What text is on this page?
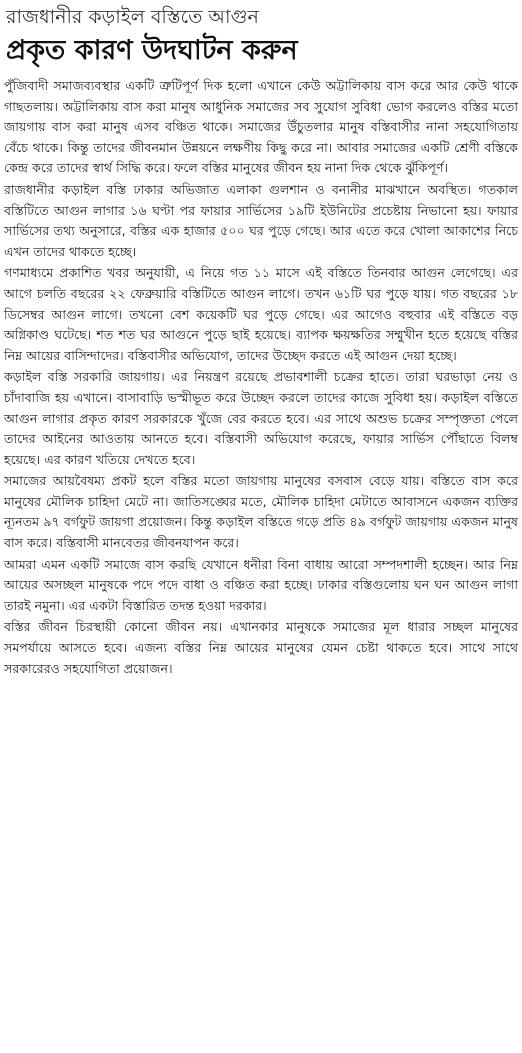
রাজধানীর কড়াইল বস্তিতে আগুন
প্রকৃত কারণ উদঘাটন করুন

পুঁজিবাদী সমাজব্যবস্থার একটি ত্রুটিপূর্ণ দিক হলো এখানে কেউ অট্টালিকায় বাস করে আর কেউ থাকে গাছতলায়। অট্টালিকায় বাস করা মানুষ আধুনিক সমাজের সব সুযোগ সুবিধা ভোগ করলেও বস্তির মতো জায়গায় বাস করা মানুষ এসব বঞ্চিত থাকে। সমাজের উঁচুতলার মানুষ বস্তিবাসীর নানা সহযোগিতায় বেঁচে থাকে। কিন্তু তাদের জীবনমান উন্নয়নে লক্ষণীয় কিছু করে না। আবার সমাজের একটি শ্রেণী বস্তিকে কেন্দ্র করে তাদের স্বার্থ সিদ্ধি করে। ফলে বস্তির মানুষের জীবন হয় নানা দিক থেকে ঝুঁকিপূর্ণ।

রাজধানীর কড়াইল বস্তি ঢাকার অভিজাত এলাকা গুলশান ও বনানীর মাঝখানে অবস্থিত। গতকাল বস্তিটিতে আগুন লাগার ১৬ ঘণ্টা পর ফায়ার সার্ভিসের ১৯টি ইউনিটের প্রচেষ্টায় নিভানো হয়। ফায়ার সার্ভিসের তথ্য অনুসারে, বস্তির এক হাজার ৫০০ ঘর পুড়ে গেছে। আর এতে করে খোলা আকাশের নিচে এখন তাদের থাকতে হচ্ছে।

গণমাধ্যমে প্রকাশিত খবর অনুযায়ী, এ নিয়ে গত ১১ মাসে এই বস্তিতে তিনবার আগুন লেগেছে। এর আগে চলতি বছরের ২২ ফেব্রুয়ারি বস্তিটিতে আগুন লাগে। তখন ৬১টি ঘর পুড়ে যায়। গত বছরের ১৮ ডিসেম্বর আগুন লাগে। তখনো বেশ কয়েকটি ঘর পুড়ে গেছে। এর আগেও বহুবার এই বস্তিতে বড় অগ্নিকাণ্ড ঘটেছে। শত শত ঘর আগুনে পুড়ে ছাই হয়েছে। ব্যাপক ক্ষয়ক্ষতির সম্মুখীন হতে হয়েছে বস্তির নিম্ন আয়ের বাসিন্দাদের। বস্তিবাসীর অভিযোগ, তাদের উচ্ছেদ করতে এই আগুন দেয়া হচ্ছে।

কড়াইল বস্তি সরকারি জায়গায়। এর নিয়ন্ত্রণ রয়েছে প্রভাবশালী চক্রের হাতে। তারা ঘরভাড়া নেয় ও চাঁদাবাজি হয় এখানে। বাসাবাড়ি ভস্মীভূত করে উচ্ছেদ করলে তাদের কাজে সুবিধা হয়। কড়াইল বস্তিতে আগুন লাগার প্রকৃত কারণ সরকারকে খুঁজে বের করতে হবে। এর সাথে অশুভ চক্রের সম্পৃক্ততা পেলে তাদের আইনের আওতায় আনতে হবে। বস্তিবাসী অভিযোগ করেছে, ফায়ার সার্ভিস পৌঁছাতে বিলম্ব হয়েছে। এর কারণ খতিয়ে দেখতে হবে।

সমাজের আয়বৈষম্য প্রকট হলে বস্তির মতো জায়গায় মানুষের বসবাস বেড়ে যায়। বস্তিতে বাস করে মানুষের মৌলিক চাহিদা মেটে না। জাতিসঙ্ঘের মতে, মৌলিক চাহিদা মেটাতে আবাসনে একজন ব্যক্তির ন্যূনতম ৯৭ বর্গফুট জায়গা প্রয়োজন। কিন্তু কড়াইল বস্তিতে গড়ে প্রতি ৪৯ বর্গফুট জায়গায় একজন মানুষ বাস করে। বস্তিবাসী মানবেতর জীবনযাপন করে।

আমরা এমন একটি সমাজে বাস করছি যেখানে ধনীরা বিনা বাধায় আরো সম্পদশালী হচ্ছেন। আর নিম্ন আয়ের অসচ্ছল মানুষকে পদে পদে বাধা ও বঞ্চিত করা হচ্ছে। ঢাকার বস্তিগুলোয় ঘন ঘন আগুন লাগা তারই নমুনা। এর একটা বিস্তারিত তদন্ত হওয়া দরকার।

বস্তির জীবন চিরস্থায়ী কোনো জীবন নয়। এখানকার মানুষকে সমাজের মূল ধারার সচ্ছল মানুষের সমপর্যায়ে আসতে হবে। এজন্য বস্তির নিম্ন আয়ের মানুষের যেমন চেষ্টা থাকতে হবে। সাথে সাথে সরকারেরও সহযোগিতা প্রয়োজন।
